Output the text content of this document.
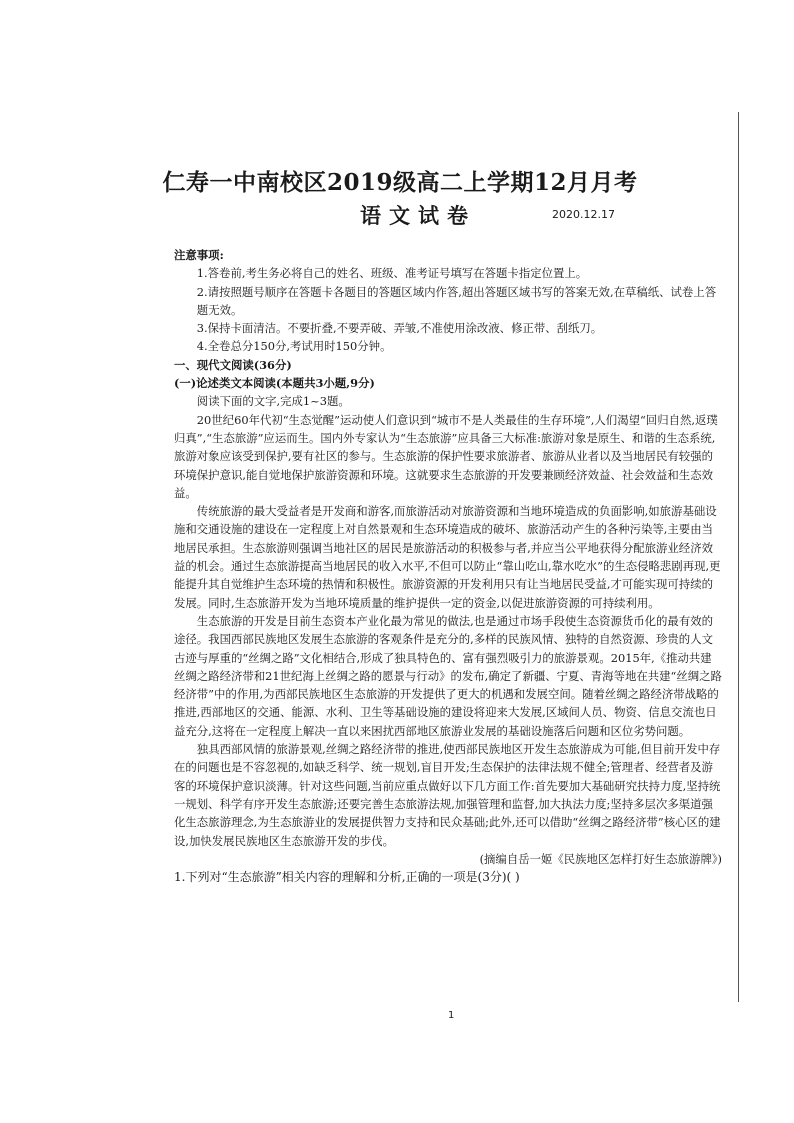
仁寿一中南校区2019级高二上学期12月月考
语文试卷	2020.12.17

注意事项:

1.答卷前,考生务必将自己的姓名、班级、准考证号填写在答题卡指定位置上。

2.请按照题号顺序在答题卡各题目的答题区域内作答,超出答题区域书写的答案无效,在草稿纸、试卷上答题无效。

3.保持卡面清洁。不要折叠,不要弄破、弄皱,不准使用涂改液、修正带、刮纸刀。

4.全卷总分150分,考试用时150分钟。

一、现代文阅读(36分)

(一)论述类文本阅读(本题共3小题,9分)

阅读下面的文字,完成1~3题。

20世纪60年代初“生态觉醒”运动使人们意识到“城市不是人类最佳的生存环境”,人们渴望“回归自然,返璞归真”,“生态旅游”应运而生。国内外专家认为“生态旅游”应具备三大标准:旅游对象是原生、和谐的生态系统,旅游对象应该受到保护,要有社区的参与。生态旅游的保护性要求旅游者、旅游从业者以及当地居民有较强的环境保护意识,能自觉地保护旅游资源和环境。这就要求生态旅游的开发要兼顾经济效益、社会效益和生态效益。

传统旅游的最大受益者是开发商和游客,而旅游活动对旅游资源和当地环境造成的负面影响,如旅游基础设施和交通设施的建设在一定程度上对自然景观和生态环境造成的破坏、旅游活动产生的各种污染等,主要由当地居民承担。生态旅游则强调当地社区的居民是旅游活动的积极参与者,并应当公平地获得分配旅游业经济效益的机会。通过生态旅游提高当地居民的收入水平,不但可以防止“靠山吃山,靠水吃水”的生态侵略悲剧再现,更能提升其自觉维护生态环境的热情和积极性。旅游资源的开发利用只有让当地居民受益,才可能实现可持续的发展。同时,生态旅游开发为当地环境质量的维护提供一定的资金,以促进旅游资源的可持续利用。

生态旅游的开发是目前生态资本产业化最为常见的做法,也是通过市场手段使生态资源货币化的最有效的途径。我国西部民族地区发展生态旅游的客观条件是充分的,多样的民族风情、独特的自然资源、珍贵的人文古迹与厚重的“丝绸之路”文化相结合,形成了独具特色的、富有强烈吸引力的旅游景观。2015年,《推动共建丝绸之路经济带和21世纪海上丝绸之路的愿景与行动》的发布,确定了新疆、宁夏、青海等地在共建“丝绸之路经济带”中的作用,为西部民族地区生态旅游的开发提供了更大的机遇和发展空间。随着丝绸之路经济带战略的推进,西部地区的交通、能源、水利、卫生等基础设施的建设将迎来大发展,区域间人员、物资、信息交流也日益充分,这将在一定程度上解决一直以来困扰西部地区旅游业发展的基础设施落后问题和区位劣势问题。

独具西部风情的旅游景观,丝绸之路经济带的推进,使西部民族地区开发生态旅游成为可能,但目前开发中存在的问题也是不容忽视的,如缺乏科学、统一规划,盲目开发;生态保护的法律法规不健全;管理者、经营者及游客的环境保护意识淡薄。针对这些问题,当前应重点做好以下几方面工作:首先要加大基础研究扶持力度,坚持统一规划、科学有序开发生态旅游;还要完善生态旅游法规,加强管理和监督,加大执法力度;坚持多层次多渠道强化生态旅游理念,为生态旅游业的发展提供智力支持和民众基础;此外,还可以借助“丝绸之路经济带”核心区的建设,加快发展民族地区生态旅游开发的步伐。

(摘编自岳一姬《民族地区怎样打好生态旅游牌》)

1.下列对“生态旅游”相关内容的理解和分析,正确的一项是(3分)( )

1
